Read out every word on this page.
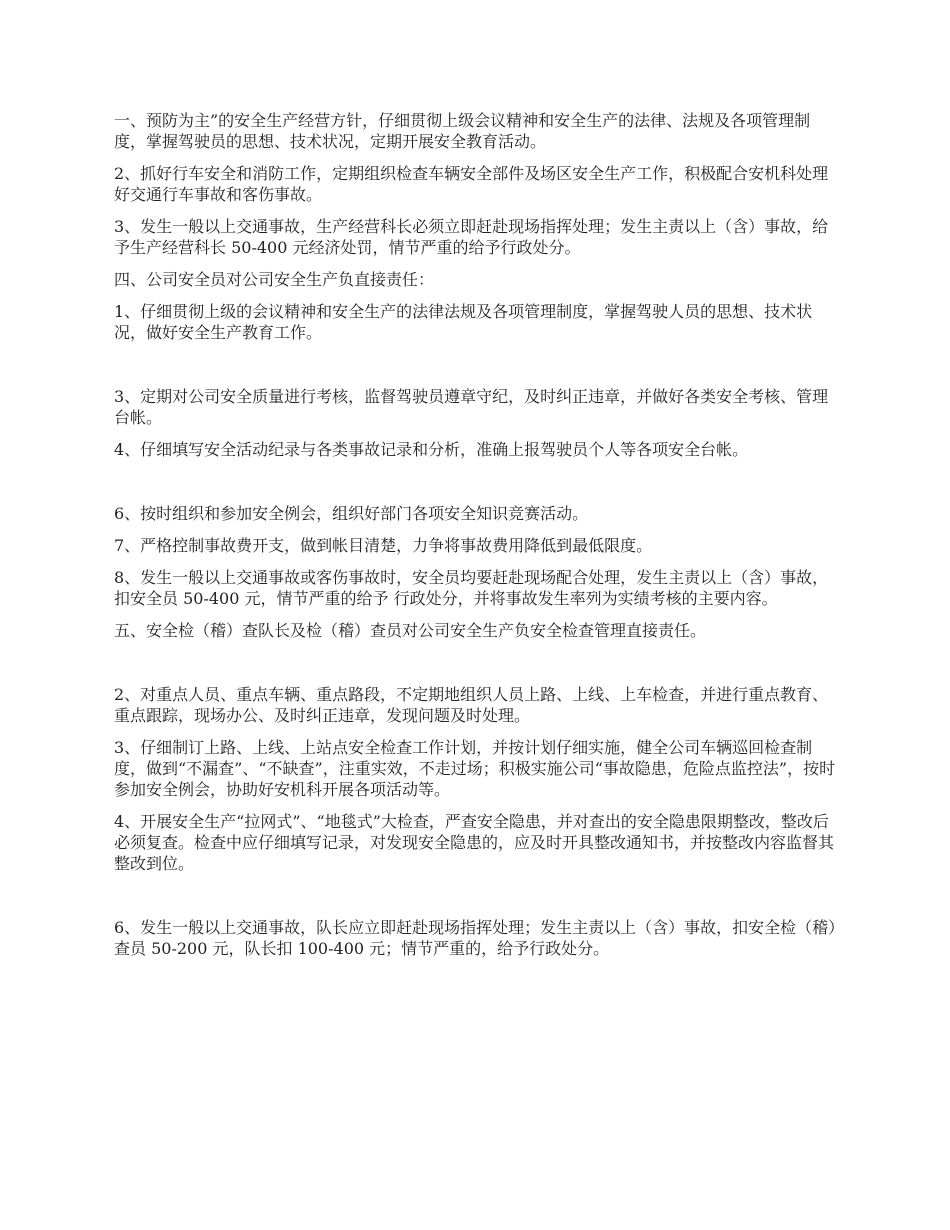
一、预防为主”的安全生产经营方针，仔细贯彻上级会议精神和安全生产的法律、法规及各项管理制度，掌握驾驶员的思想、技术状况，定期开展安全教育活动。

2、抓好行车安全和消防工作，定期组织检查车辆安全部件及场区安全生产工作，积极配合安机科处理好交通行车事故和客伤事故。

3、发生一般以上交通事故，生产经营科长必须立即赶赴现场指挥处理；发生主责以上（含）事故，给予生产经营科长 50-400 元经济处罚，情节严重的给予行政处分。

四、公司安全员对公司安全生产负直接责任：

1、仔细贯彻上级的会议精神和安全生产的法律法规及各项管理制度，掌握驾驶人员的思想、技术状况，做好安全生产教育工作。

3、定期对公司安全质量进行考核，监督驾驶员遵章守纪，及时纠正违章，并做好各类安全考核、管理台帐。

4、仔细填写安全活动纪录与各类事故记录和分析，准确上报驾驶员个人等各项安全台帐。

6、按时组织和参加安全例会，组织好部门各项安全知识竞赛活动。

7、严格控制事故费开支，做到帐目清楚，力争将事故费用降低到最低限度。

8、发生一般以上交通事故或客伤事故时，安全员均要赶赴现场配合处理，发生主责以上（含）事故，扣安全员 50-400 元，情节严重的给予 行政处分，并将事故发生率列为实绩考核的主要内容。

五、安全检（稽）查队长及检（稽）查员对公司安全生产负安全检查管理直接责任。

2、对重点人员、重点车辆、重点路段，不定期地组织人员上路、上线、上车检查，并进行重点教育、重点跟踪，现场办公、及时纠正违章，发现问题及时处理。

3、仔细制订上路、上线、上站点安全检查工作计划，并按计划仔细实施，健全公司车辆巡回检查制度，做到“不漏查”、“不缺查”，注重实效，不走过场；积极实施公司“事故隐患，危险点监控法”，按时参加安全例会，协助好安机科开展各项活动等。

4、开展安全生产“拉网式”、“地毯式”大检查，严查安全隐患，并对查出的安全隐患限期整改，整改后必须复查。检查中应仔细填写记录，对发现安全隐患的，应及时开具整改通知书，并按整改内容监督其整改到位。

6、发生一般以上交通事故，队长应立即赶赴现场指挥处理；发生主责以上（含）事故，扣安全检（稽）查员 50-200 元，队长扣 100-400 元；情节严重的，给予行政处分。
